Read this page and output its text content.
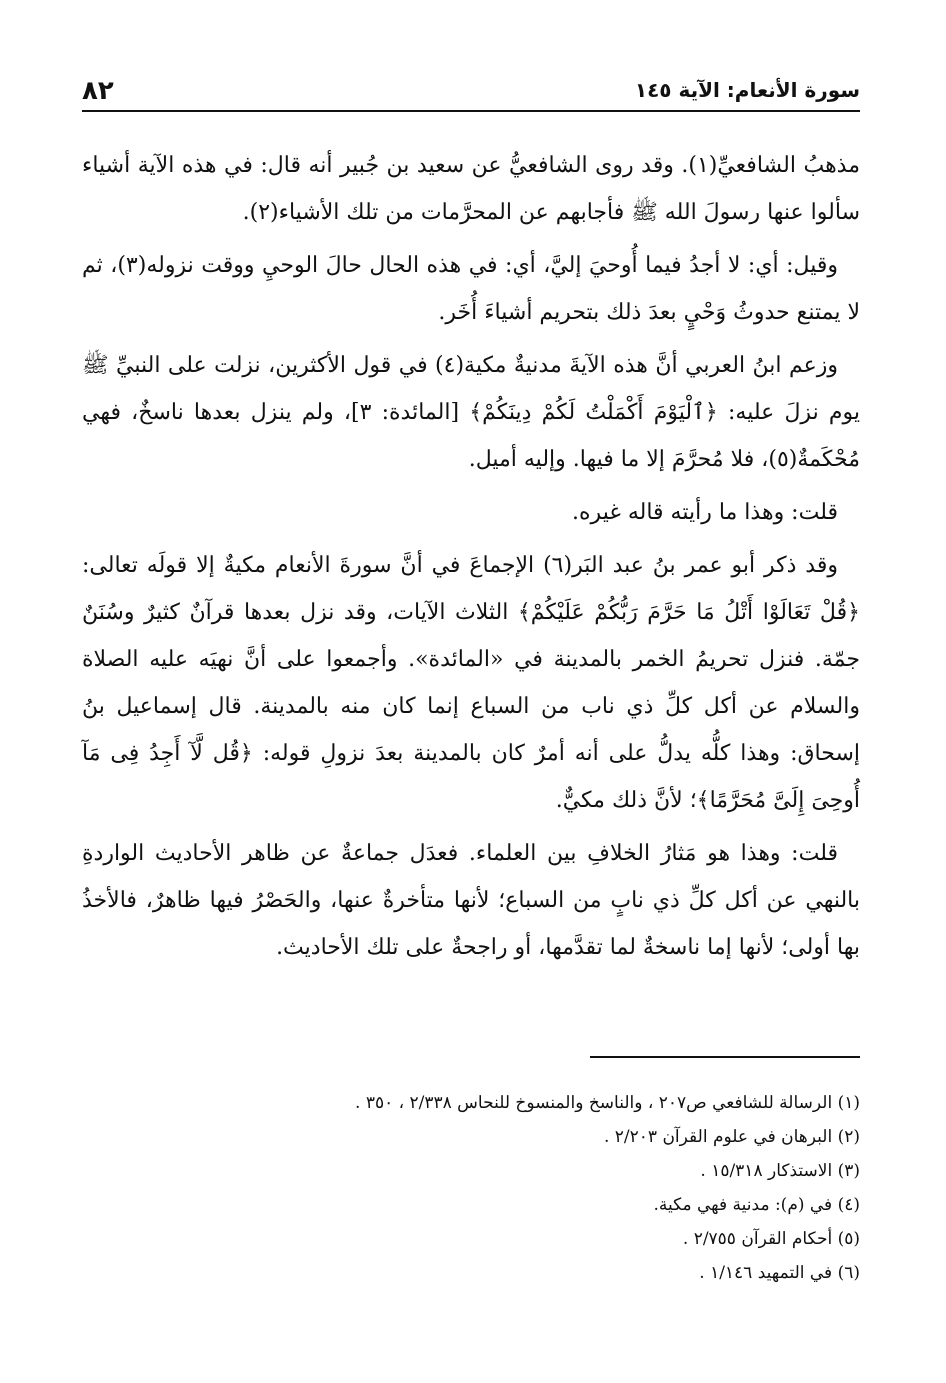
٨٢	سورة الأنعام: الآية ١٤٥

مذهبُ الشافعيِّ(١). وقد روى الشافعيُّ عن سعيد بن جُبير أنه قال: في هذه الآية أشياء سألوا عنها رسولَ الله ﷺ فأجابهم عن المحرَّمات من تلك الأشياء(٢).

وقيل: أي: لا أجدُ فيما أُوحيَ إليَّ، أي: في هذه الحال حالَ الوحيِ ووقت نزوله(٣)، ثم لا يمتنع حدوثُ وَحْيٍ بعدَ ذلك بتحريم أشياءَ أُخَر.

وزعم ابنُ العربي أنَّ هذه الآيةَ مدنيةٌ مكية(٤) في قول الأكثرين، نزلت على النبيِّ ﷺ يوم نزلَ عليه: ﴿ٱلْيَوْمَ أَكْمَلْتُ لَكُمْ دِينَكُمْ﴾ [المائدة: ٣]، ولم ينزل بعدها ناسخٌ، فهي مُحْكَمةٌ(٥)، فلا مُحرَّمَ إلا ما فيها. وإليه أميل.

قلت: وهذا ما رأيته قاله غيره.

وقد ذكر أبو عمر بنُ عبد البَر(٦) الإجماعَ في أنَّ سورةَ الأنعام مكيةٌ إلا قولَه تعالى: ﴿قُلْ تَعَالَوْا أَتْلُ مَا حَرَّمَ رَبُّكُمْ عَلَيْكُمْ﴾ الثلاث الآيات، وقد نزل بعدها قرآنٌ كثيرٌ وسُنَنٌ جمّة. فنزل تحريمُ الخمر بالمدينة في «المائدة». وأجمعوا على أنَّ نهيَه عليه الصلاة والسلام عن أكل كلِّ ذي ناب من السباع إنما كان منه بالمدينة. قال إسماعيل بنُ إسحاق: وهذا كلُّه يدلُّ على أنه أمرٌ كان بالمدينة بعدَ نزولِ قوله: ﴿قُل لَّآ أَجِدُ فِى مَآ أُوحِىَ إِلَىَّ مُحَرَّمًا﴾؛ لأنَّ ذلك مكيٌّ.

قلت: وهذا هو مَثارُ الخلافِ بين العلماء. فعدَل جماعةٌ عن ظاهر الأحاديث الواردةِ بالنهي عن أكل كلِّ ذي نابٍ من السباع؛ لأنها متأخرةٌ عنها، والحَصْرُ فيها ظاهرٌ، فالأخذُ بها أولى؛ لأنها إما ناسخةٌ لما تقدَّمها، أو راجحةٌ على تلك الأحاديث.

(١) الرسالة للشافعي ص٢٠٧ ، والناسخ والمنسوخ للنحاس ٢/٣٣٨ ، ٣٥٠ .
(٢) البرهان في علوم القرآن ٢/٢٠٣ .
(٣) الاستذكار ١٥/٣١٨ .
(٤) في (م): مدنية فهي مكية.
(٥) أحكام القرآن ٢/٧٥٥ .
(٦) في التمهيد ١/١٤٦ .
